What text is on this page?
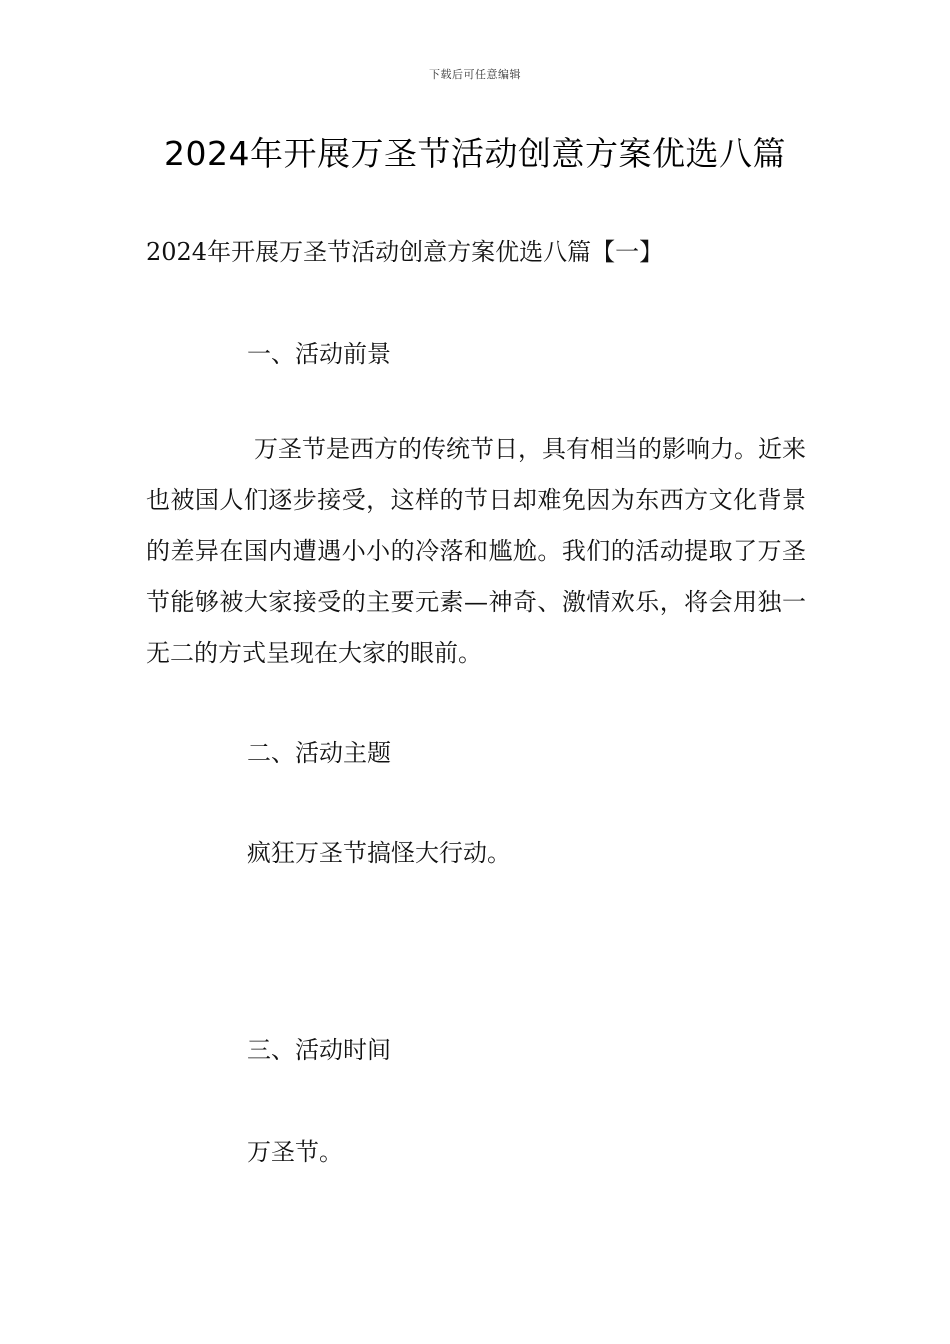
下载后可任意编辑
2024年开展万圣节活动创意方案优选八篇
2024年开展万圣节活动创意方案优选八篇【一】
一、活动前景

万圣节是西方的传统节日，具有相当的影响力。近来也被国人们逐步接受，这样的节日却难免因为东西方文化背景的差异在国内遭遇小小的冷落和尴尬。我们的活动提取了万圣节能够被大家接受的主要元素—神奇、激情欢乐，将会用独一无二的方式呈现在大家的眼前。

二、活动主题
疯狂万圣节搞怪大行动。
三、活动时间
万圣节。
